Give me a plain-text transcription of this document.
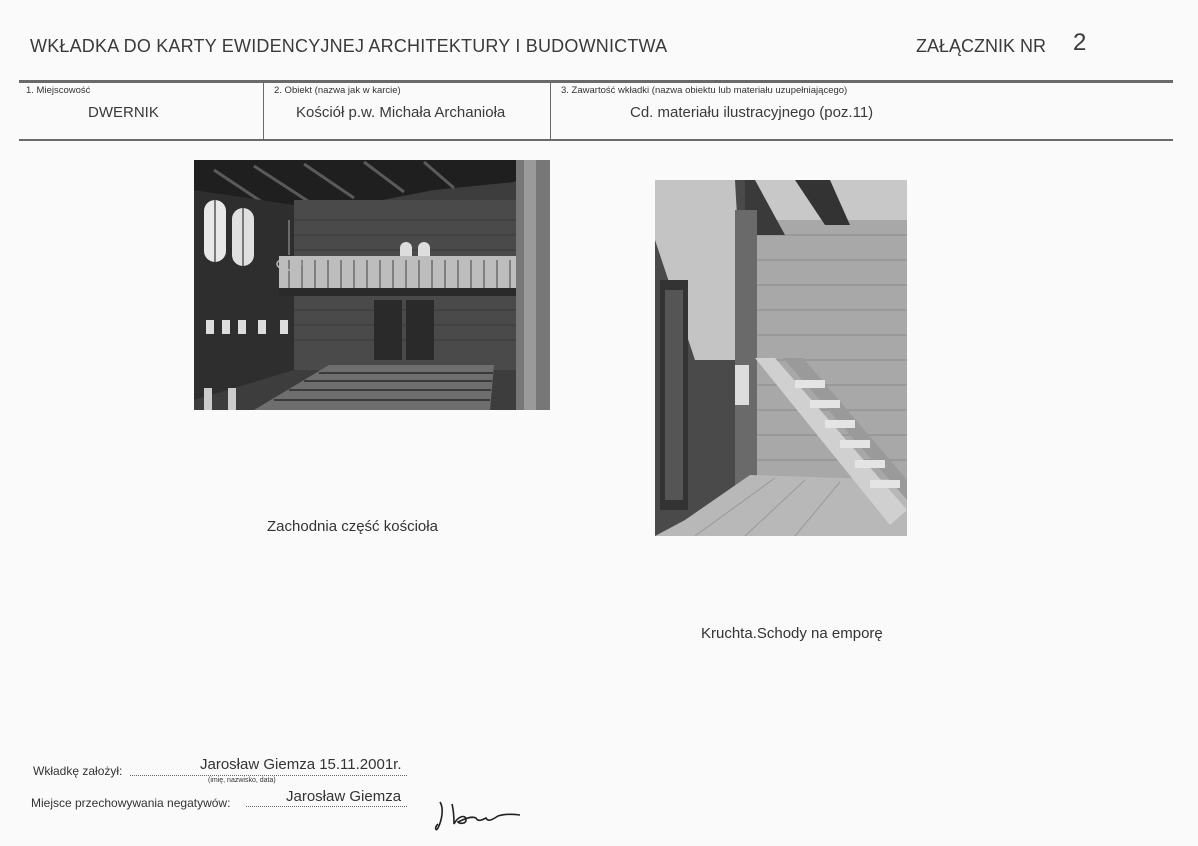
WKŁADKA DO KARTY EWIDENCYJNEJ ARCHITEKTURY I BUDOWNICTWA	ZAŁĄCZNIK NR 2
1. Miejscowość
DWERNIK
2. Obiekt (nazwa jak w karcie)
Kościół p.w. Michała Archanioła
3. Zawartość wkładki (nazwa obiektu lub materiału uzupełniającego)
Cd. materiału ilustracyjnego (poz.11)
Zachodnia część kościoła
Kruchta.Schody na emporę
Wkładkę założył:	Jarosław Giemza 15.11.2001r.
(imię, nazwisko, data)
Miejsce przechowywania negatywów:	Jarosław Giemza
